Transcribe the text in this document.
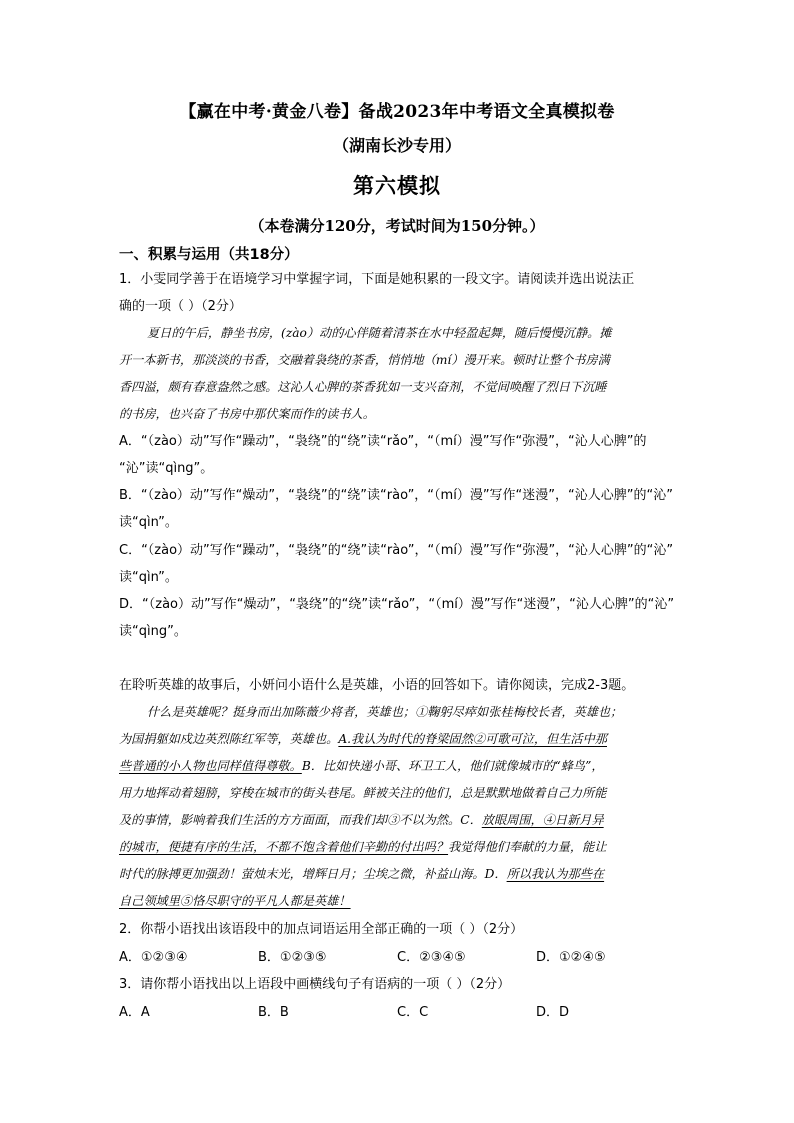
【赢在中考·黄金八卷】备战2023年中考语文全真模拟卷
（湖南长沙专用）
第六模拟
（本卷满分120分，考试时间为150分钟。）
一、积累与运用（共18分）
1．小雯同学善于在语境学习中掌握字词，下面是她积累的一段文字。请阅读并选出说法正
确的一项（ ）（2分）
夏日的午后，静坐书房，(zào）动的心伴随着清茶在水中轻盈起舞，随后慢慢沉静。摊
开一本新书，那淡淡的书香，交融着袅绕的茶香，悄悄地（mí）漫开来。顿时让整个书房满
香四溢，颇有春意盎然之感。这沁人心脾的茶香犹如一支兴奋剂，不觉间唤醒了烈日下沉睡
的书房，也兴奋了书房中那伏案而作的读书人。
A．“（zào）动”写作“躁动”，“袅绕”的“绕”读“rǎo”，“（mí）漫”写作“弥漫”，“沁人心脾”的
“沁”读“qìng”。
B．“（zào）动”写作“燥动”，“袅绕”的“绕”读“rào”，“（mí）漫”写作“迷漫”，“沁人心脾”的“沁”
读“qìn”。
C．“（zào）动”写作“躁动”，“袅绕”的“绕”读“rào”，“（mí）漫”写作“弥漫”，“沁人心脾”的“沁”
读“qìn”。
D．“（zào）动”写作“燥动”，“袅绕”的“绕”读“rǎo”，“（mí）漫”写作“迷漫”，“沁人心脾”的“沁”
读“qìng”。
在聆听英雄的故事后，小妍问小语什么是英雄，小语的回答如下。请你阅读，完成2-3题。
什么是英雄呢？挺身而出加陈薇少将者，英雄也；①鞠躬尽瘁如张桂梅校长者，英雄也；
为国捐躯如戍边英烈陈红军等，英雄也。A.我认为时代的脊梁固然②可歌可泣，但生活中那
些普通的小人物也同样值得尊敬。B．比如快递小哥、环卫工人，他们就像城市的“蜂鸟”，
用力地挥动着翅膀，穿梭在城市的街头巷尾。鲜被关注的他们，总是默默地做着自己力所能
及的事情，影响着我们生活的方方面面，而我们却③不以为然。C．放眼周围，④日新月异
的城市，便捷有序的生活，不都不饱含着他们辛勤的付出吗？我觉得他们奉献的力量，能让
时代的脉搏更加强劲！萤烛末光，增辉日月；尘埃之微，补益山海。D．所以我认为那些在
自己领域里⑤恪尽职守的平凡人都是英雄！
2．你帮小语找出该语段中的加点词语运用全部正确的一项（ ）（2分）
A．①②③④	B．①②③⑤	C．②③④⑤	D．①②④⑤
3．请你帮小语找出以上语段中画横线句子有语病的一项（ ）（2分）
A．A	B．B	C．C	D．D
